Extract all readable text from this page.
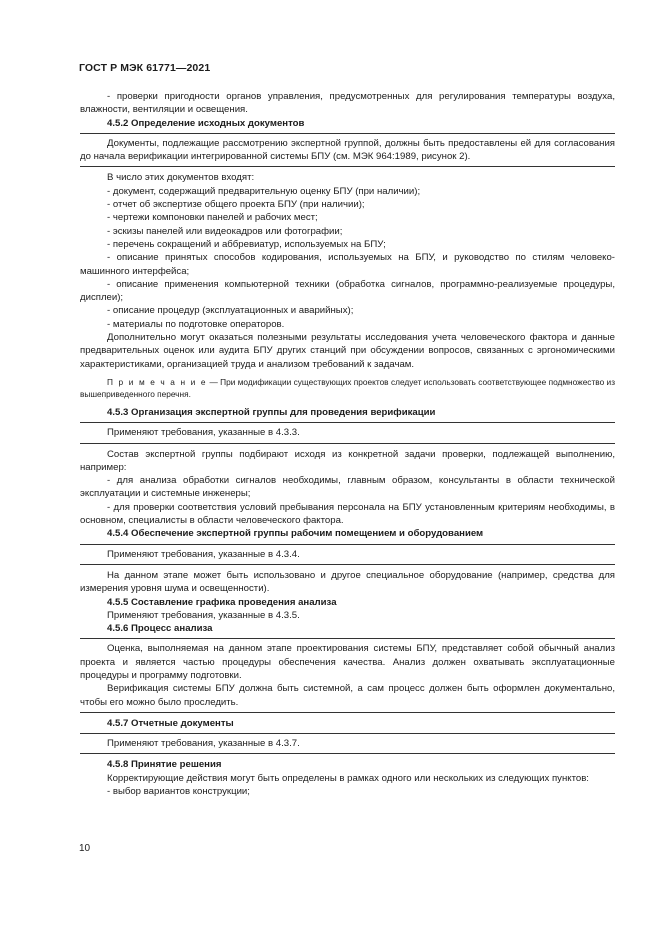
ГОСТ Р МЭК 61771—2021

- проверки пригодности органов управления, предусмотренных для регулирования температуры воздуха, влажности, вентиляции и освещения.

4.5.2 Определение исходных документов

Документы, подлежащие рассмотрению экспертной группой, должны быть предоставлены ей для согласования до начала верификации интегрированной системы БПУ (см. МЭК 964:1989, рисунок 2).

В число этих документов входят:

- документ, содержащий предварительную оценку БПУ (при наличии);

- отчет об экспертизе общего проекта БПУ (при наличии);

- чертежи компоновки панелей и рабочих мест;

- эскизы панелей или видеокадров или фотографии;

- перечень сокращений и аббревиатур, используемых на БПУ;

- описание принятых способов кодирования, используемых на БПУ, и руководство по стилям человеко-машинного интерфейса;

- описание применения компьютерной техники (обработка сигналов, программно-реализуемые процедуры, дисплеи);

- описание процедур (эксплуатационных и аварийных);

- материалы по подготовке операторов.

Дополнительно могут оказаться полезными результаты исследования учета человеческого фактора и данные предварительных оценок или аудита БПУ других станций при обсуждении вопросов, связанных с эргономическими характеристиками, организацией труда и анализом требований к задачам.

П р и м е ч а н и е — При модификации существующих проектов следует использовать соответствующее подмножество из вышеприведенного перечня.

4.5.3 Организация экспертной группы для проведения верификации

Применяют требования, указанные в 4.3.3.

Состав экспертной группы подбирают исходя из конкретной задачи проверки, подлежащей выполнению, например:

- для анализа обработки сигналов необходимы, главным образом, консультанты в области технической эксплуатации и системные инженеры;

- для проверки соответствия условий пребывания персонала на БПУ установленным критериям необходимы, в основном, специалисты в области человеческого фактора.

4.5.4 Обеспечение экспертной группы рабочим помещением и оборудованием

Применяют требования, указанные в 4.3.4.

На данном этапе может быть использовано и другое специальное оборудование (например, средства для измерения уровня шума и освещенности).

4.5.5 Составление графика проведения анализа

Применяют требования, указанные в 4.3.5.

4.5.6 Процесс анализа

Оценка, выполняемая на данном этапе проектирования системы БПУ, представляет собой обычный анализ проекта и является частью процедуры обеспечения качества. Анализ должен охватывать эксплуатационные процедуры и программу подготовки.

Верификация системы БПУ должна быть системной, а сам процесс должен быть оформлен документально, чтобы его можно было проследить.

4.5.7 Отчетные документы

Применяют требования, указанные в 4.3.7.

4.5.8 Принятие решения

Корректирующие действия могут быть определены в рамках одного или нескольких из следующих пунктов:

- выбор вариантов конструкции;

10
